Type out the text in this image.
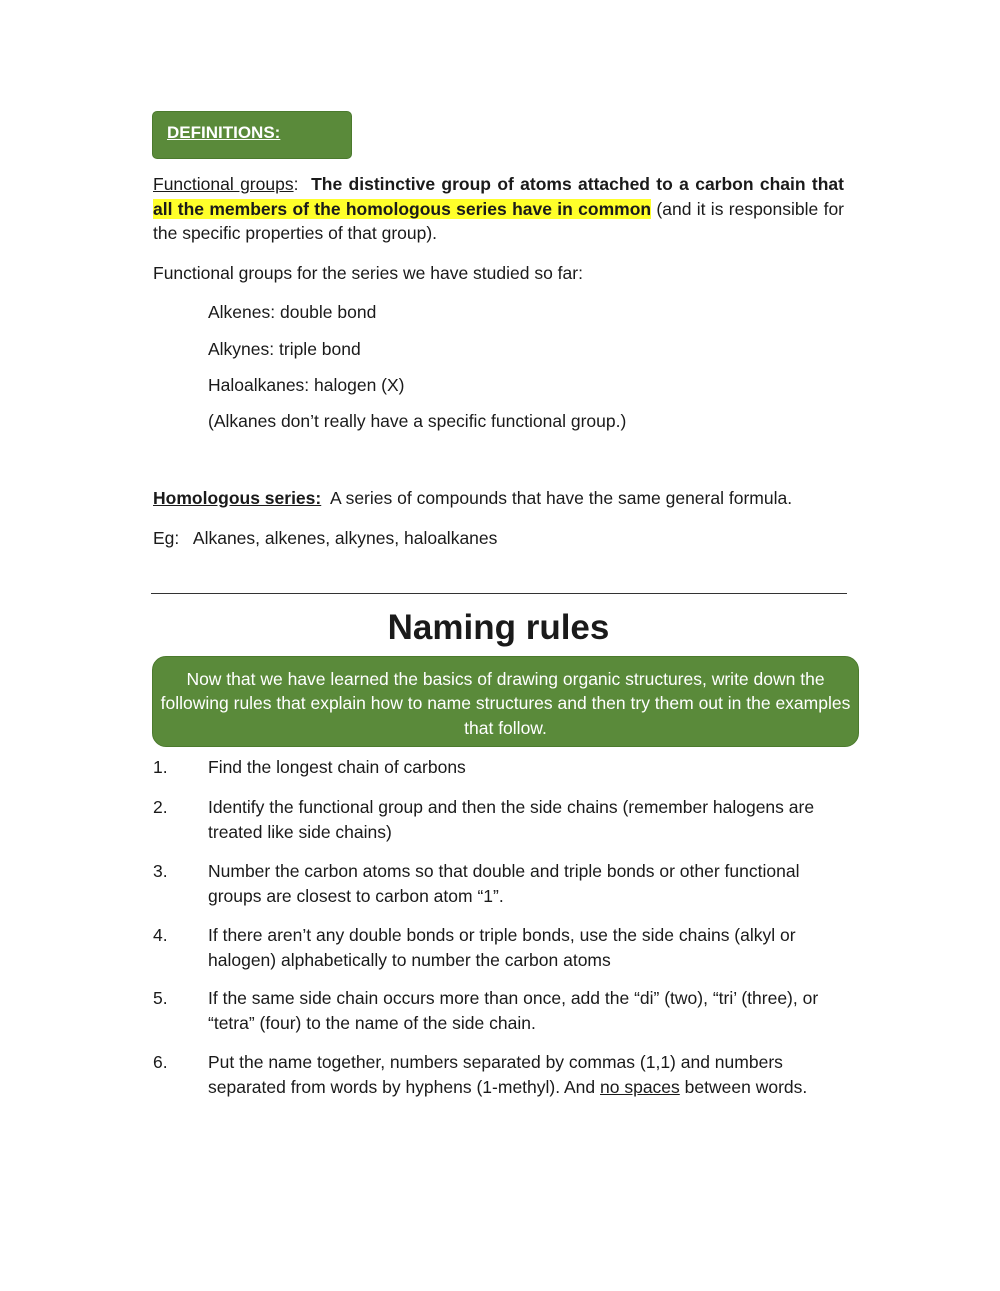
DEFINITIONS:
Functional groups: The distinctive group of atoms attached to a carbon chain that all the members of the homologous series have in common (and it is responsible for the specific properties of that group).
Functional groups for the series we have studied so far:
Alkenes: double bond
Alkynes: triple bond
Haloalkanes: halogen (X)
(Alkanes don’t really have a specific functional group.)
Homologous series: A series of compounds that have the same general formula.
Eg: Alkanes, alkenes, alkynes, haloalkanes
Naming rules
Now that we have learned the basics of drawing organic structures, write down the following rules that explain how to name structures and then try them out in the examples that follow.
1. Find the longest chain of carbons
2. Identify the functional group and then the side chains (remember halogens are treated like side chains)
3. Number the carbon atoms so that double and triple bonds or other functional groups are closest to carbon atom “1”.
4. If there aren’t any double bonds or triple bonds, use the side chains (alkyl or halogen) alphabetically to number the carbon atoms
5. If the same side chain occurs more than once, add the “di” (two), “tri’ (three), or “tetra” (four) to the name of the side chain.
6. Put the name together, numbers separated by commas (1,1) and numbers separated from words by hyphens (1-methyl). And no spaces between words.
